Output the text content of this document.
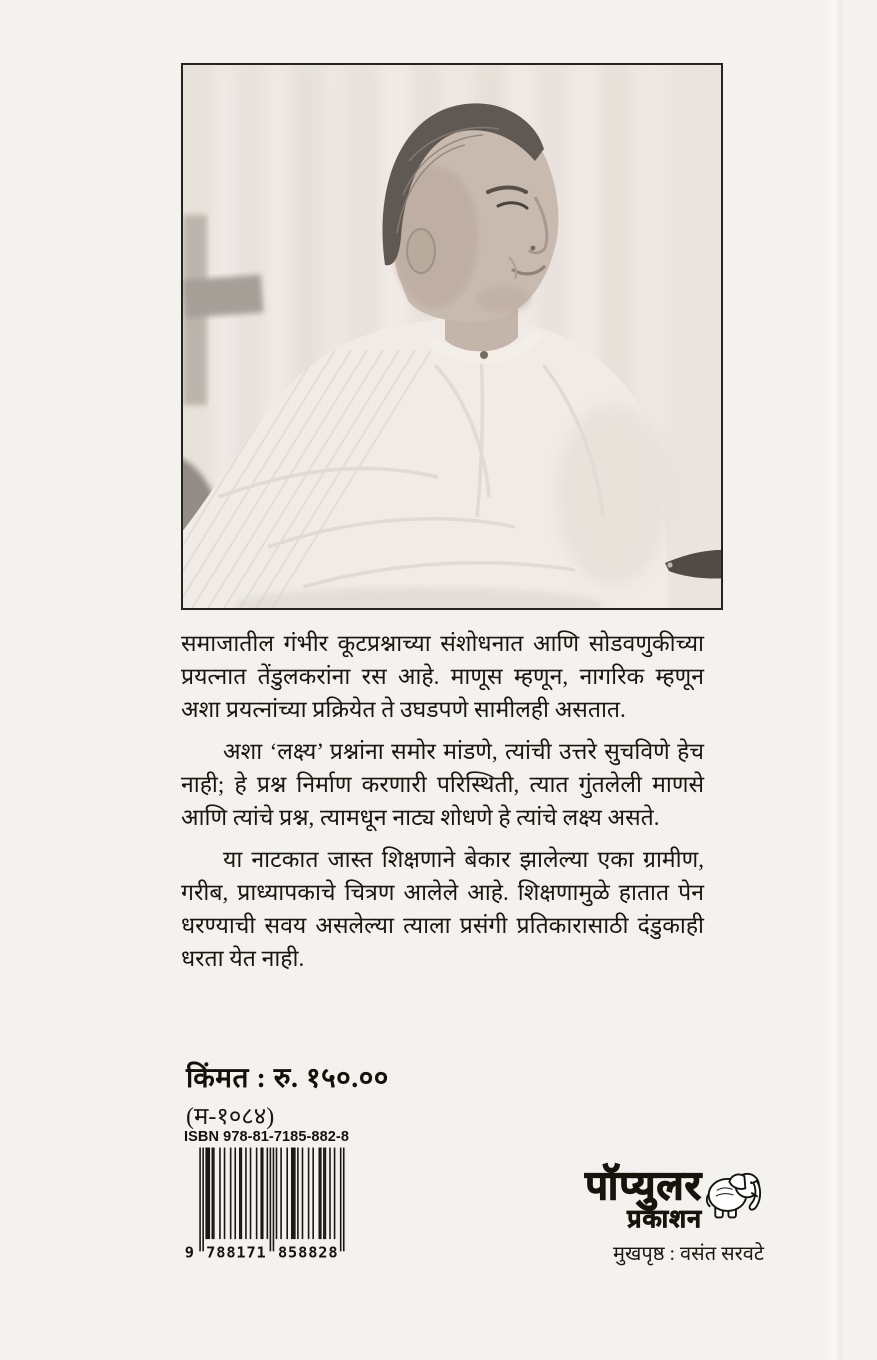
समाजातील गंभीर कूटप्रश्नाच्या संशोधनात आणि सोडवणुकीच्या प्रयत्नात तेंडुलकरांना रस आहे. माणूस म्हणून, नागरिक म्हणून अशा प्रयत्नांच्या प्रक्रियेत ते उघडपणे सामीलही असतात.

अशा ‘लक्ष्य’ प्रश्नांना समोर मांडणे, त्यांची उत्तरे सुचविणे हेच नाही; हे प्रश्न निर्माण करणारी परिस्थिती, त्यात गुंतलेली माणसे आणि त्यांचे प्रश्न, त्यामधून नाट्य शोधणे हे त्यांचे लक्ष्य असते.

या नाटकात जास्त शिक्षणाने बेकार झालेल्या एका ग्रामीण, गरीब, प्राध्यापकाचे चित्रण आलेले आहे. शिक्षणामुळे हातात पेन धरण्याची सवय असलेल्या त्याला प्रसंगी प्रतिकारासाठी दंडुकाही धरता येत नाही.

किंमत : रु. १५०.००
(म-१०८४)
ISBN 978-81-7185-882-8
9 788171 858828
पॉप्युलर
प्रकाशन
मुखपृष्ठ : वसंत सरवटे
